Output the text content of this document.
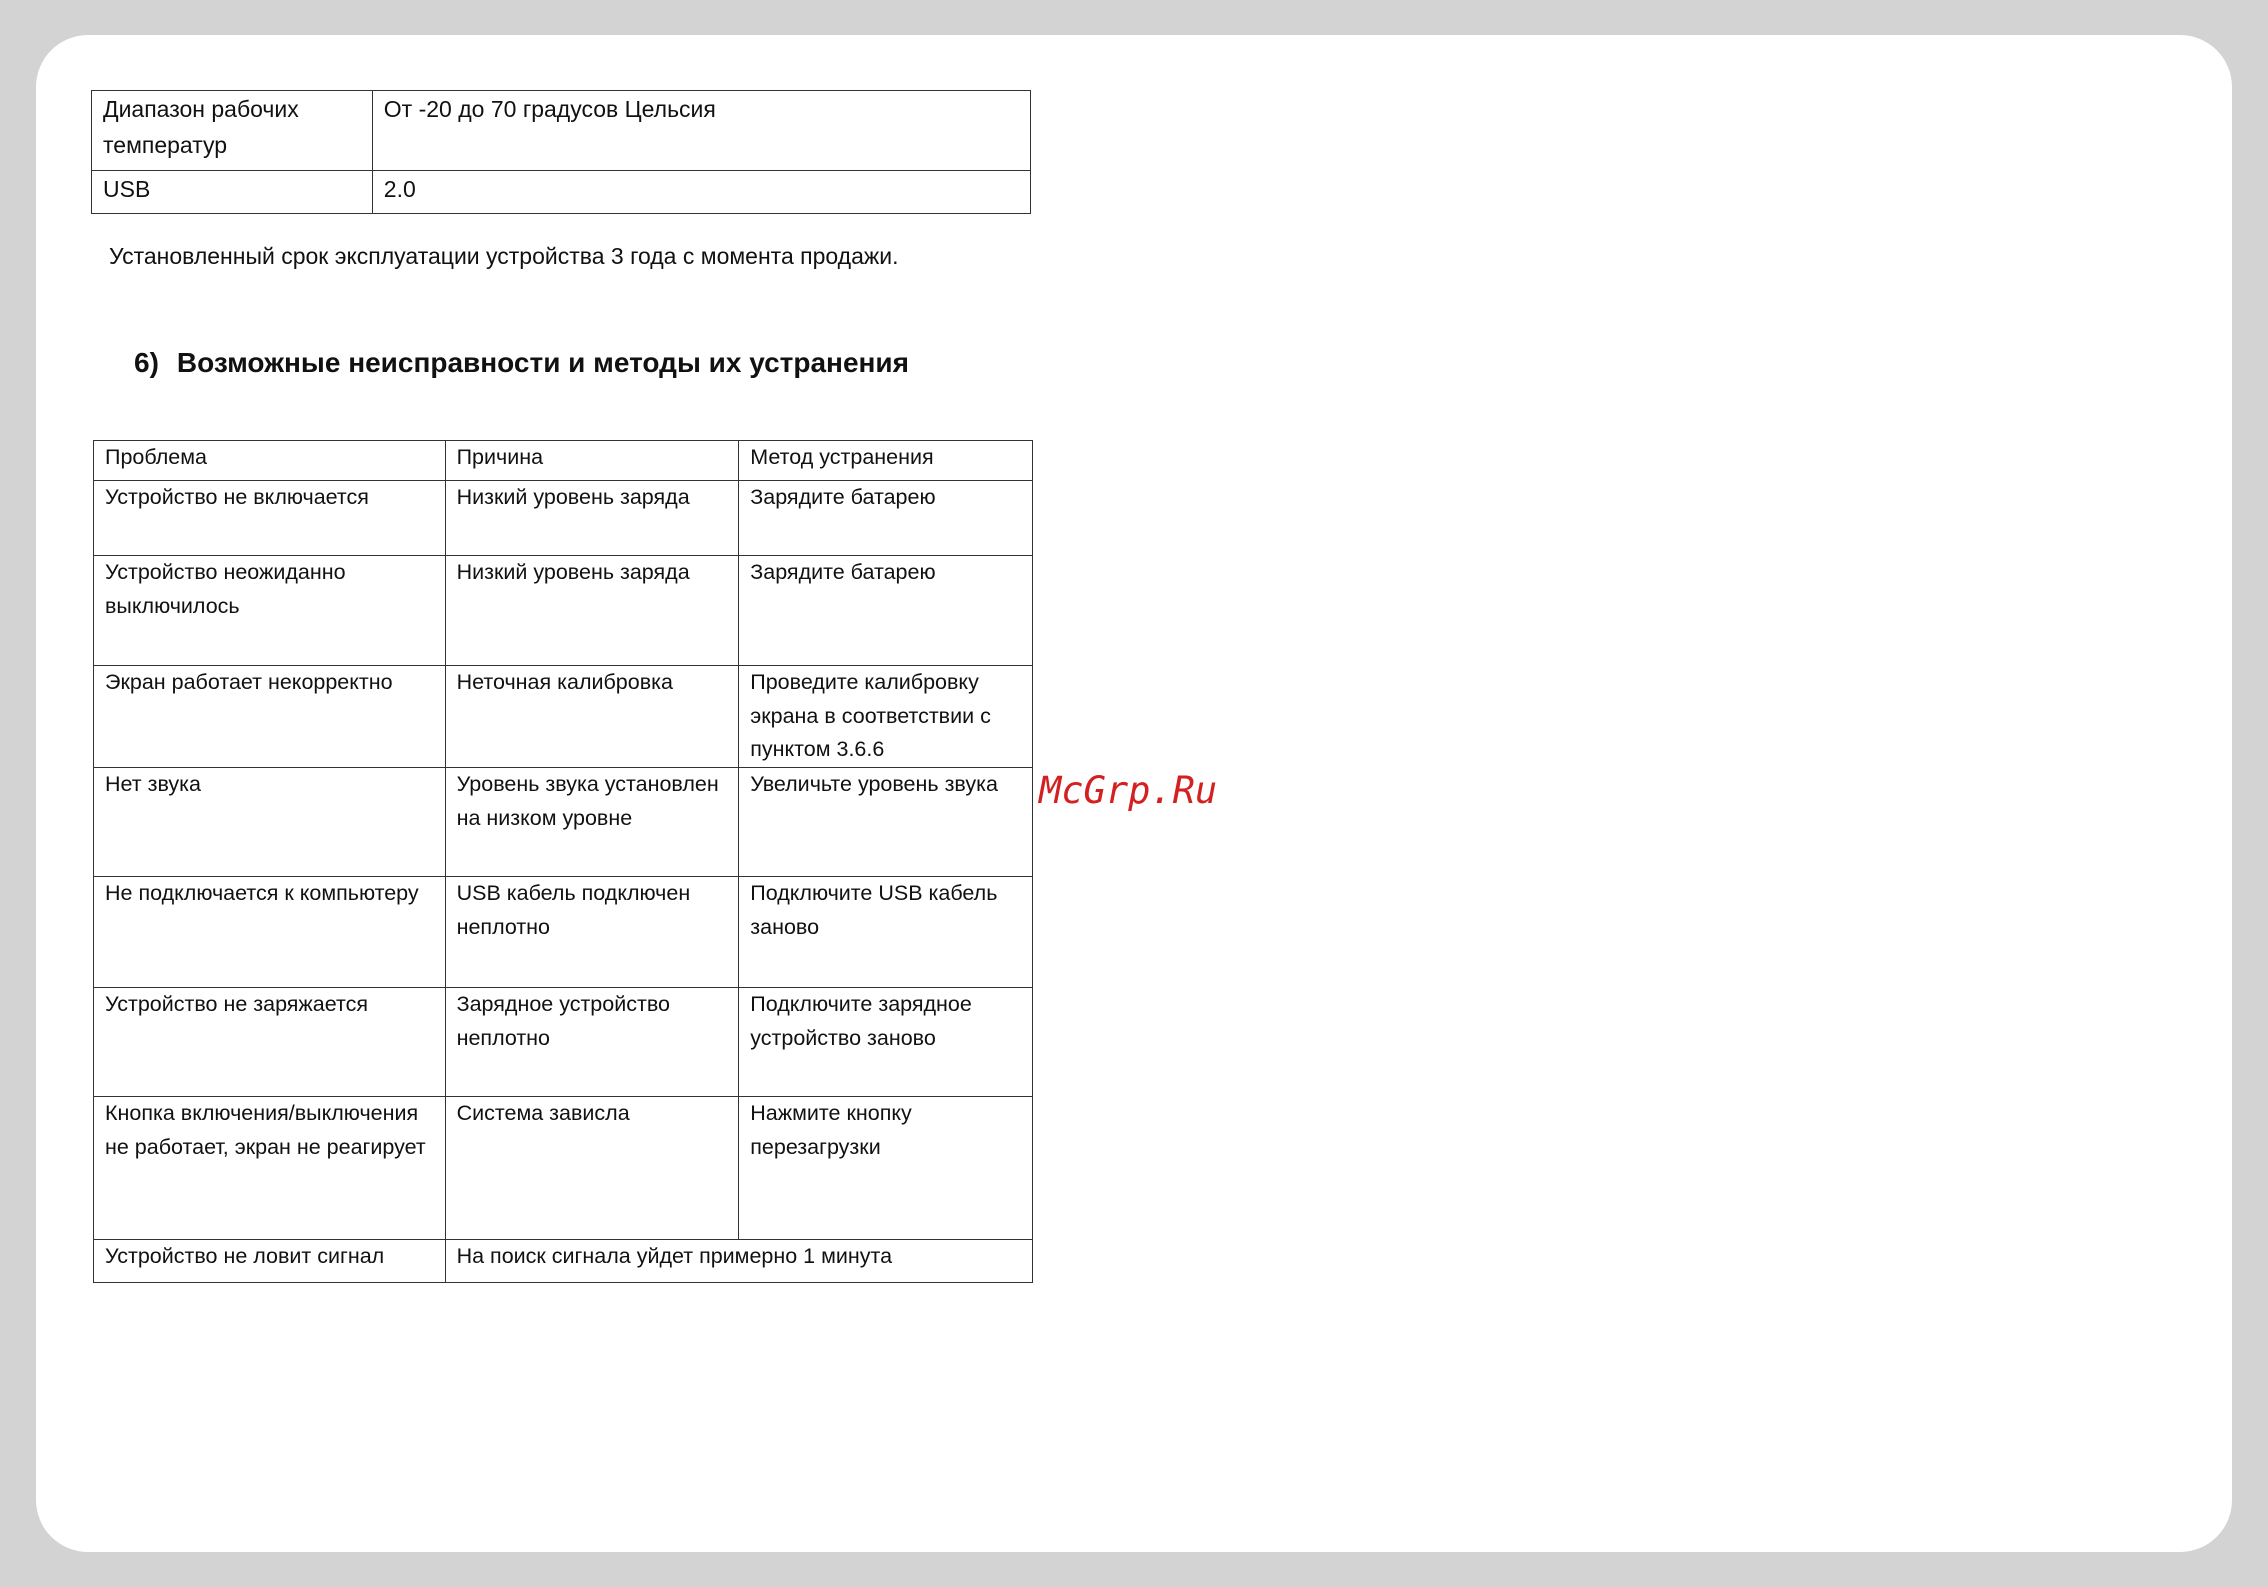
Диапазон рабочих температур	От -20 до 70 градусов Цельсия
USB	2.0

Установленный срок эксплуатации устройства 3 года с момента продажи.

6) Возможные неисправности и методы их устранения
Проблема	Причина	Метод устранения
Устройство не включается	Низкий уровень заряда	Зарядите батарею
Устройство неожиданно выключилось	Низкий уровень заряда	Зарядите батарею
Экран работает некорректно	Неточная калибровка	Проведите калибровку экрана в соответствии с пунктом 3.6.6
Нет звука	Уровень звука установлен на низком уровне	Увеличьте уровень звука
Не подключается к компьютеру	USB кабель подключен неплотно	Подключите USB кабель заново
Устройство не заряжается	Зарядное устройство неплотно	Подключите зарядное устройство заново
Кнопка включения/выключения не работает, экран не реагирует	Система зависла	Нажмите кнопку перезагрузки
Устройство не ловит сигнал	На поиск сигнала уйдет примерно 1 минута	
McGrp.Ru
